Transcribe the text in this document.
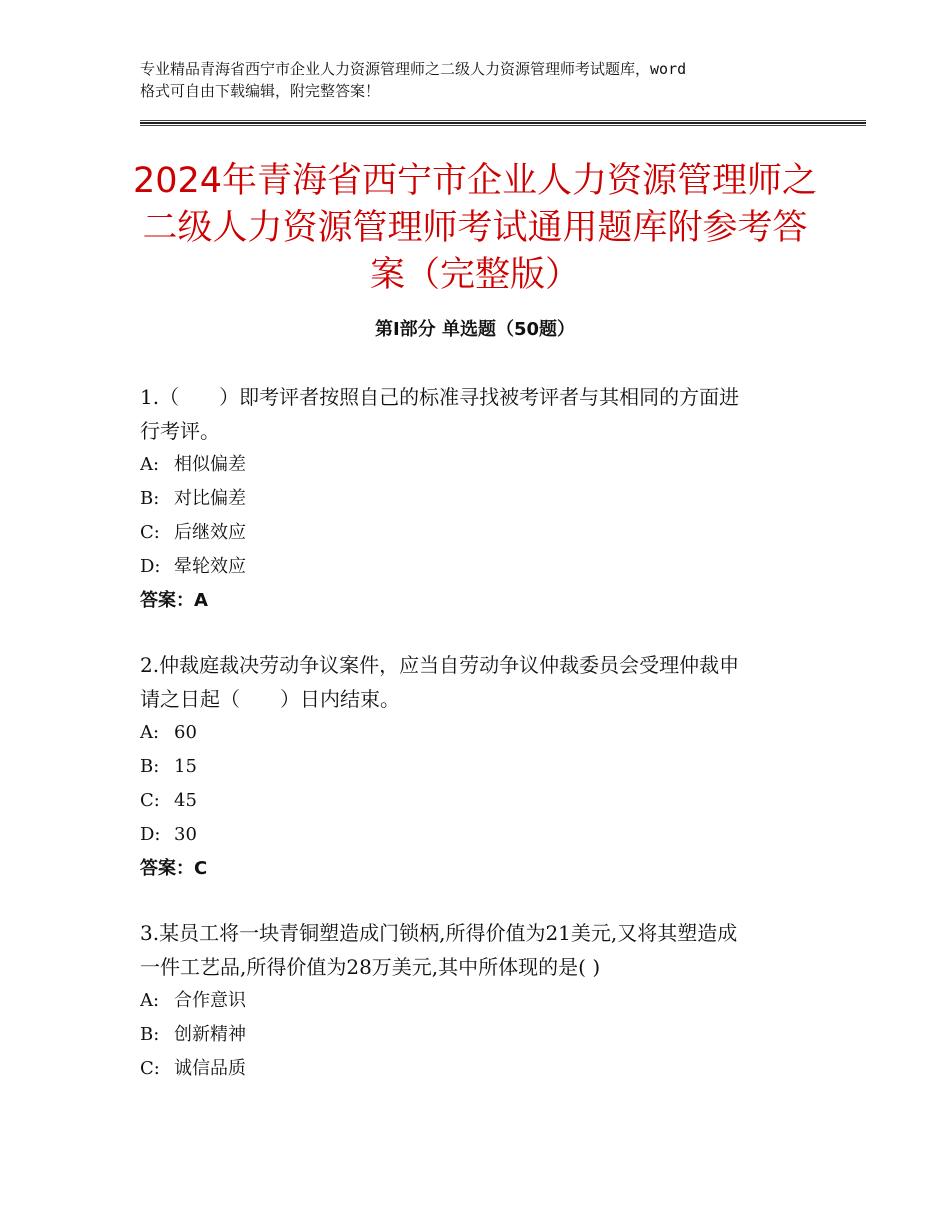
专业精品青海省西宁市企业人力资源管理师之二级人力资源管理师考试题库，word
格式可自由下载编辑，附完整答案！
2024年青海省西宁市企业人力资源管理师之
二级人力资源管理师考试通用题库附参考答
案（完整版）
第Ⅰ部分 单选题（50题）
1.（　　）即考评者按照自己的标准寻找被考评者与其相同的方面进
行考评。
A: 相似偏差
B: 对比偏差
C: 后继效应
D: 晕轮效应
答案：A
2.仲裁庭裁决劳动争议案件，应当自劳动争议仲裁委员会受理仲裁申
请之日起（　　）日内结束。
A: 60
B: 15
C: 45
D: 30
答案：C
3.某员工将一块青铜塑造成门锁柄,所得价值为21美元,又将其塑造成
一件工艺品,所得价值为28万美元,其中所体现的是( )
A: 合作意识
B: 创新精神
C: 诚信品质
